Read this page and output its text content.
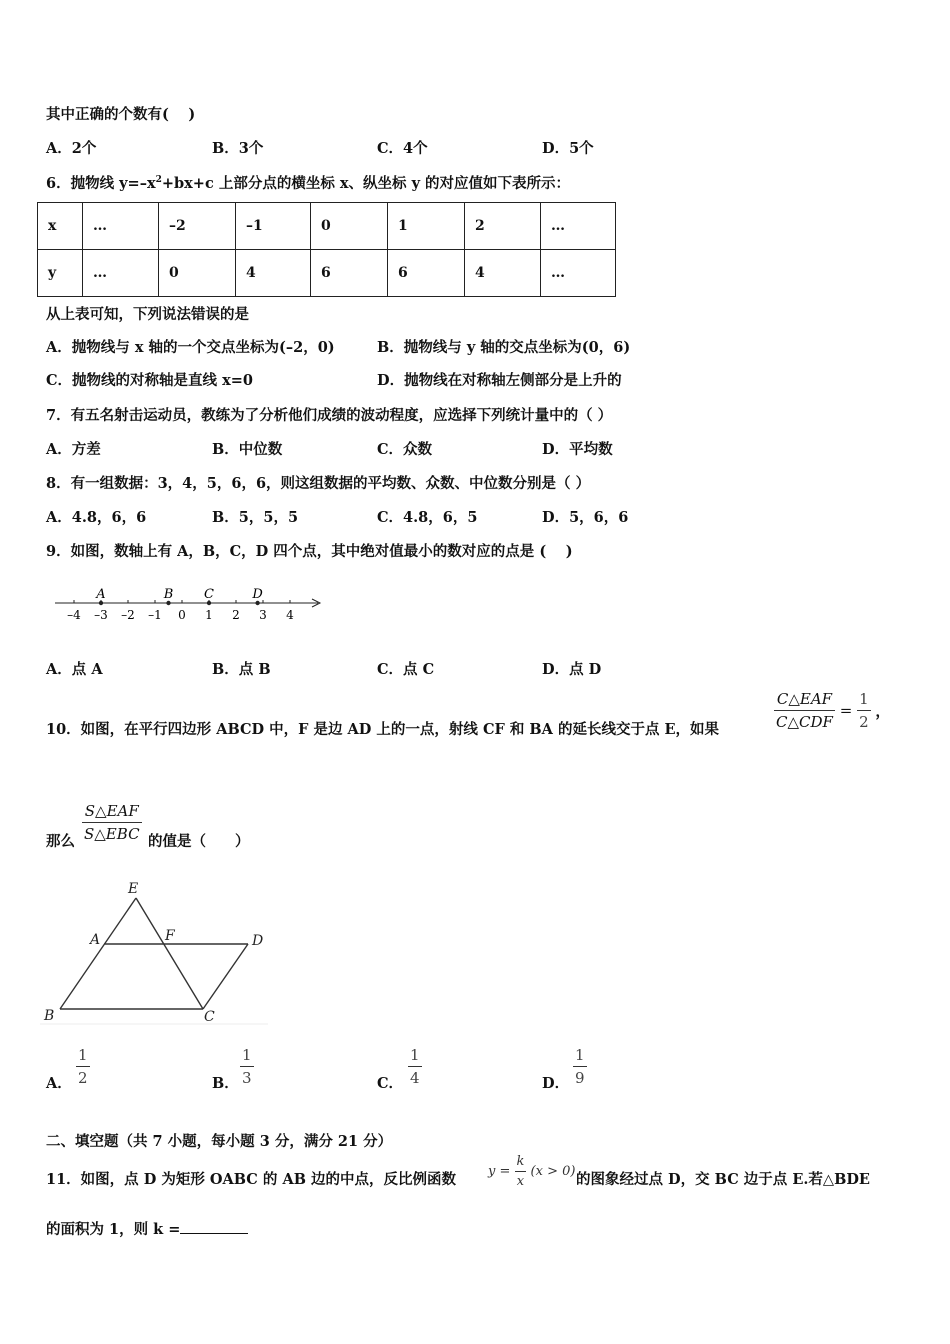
其中正确的个数有(　 )
A．2个	B．3个	C．4个	D．5个
6．抛物线 $y=-x^2+bx+c$ 上部分点的横坐标 x、纵坐标 y 的对应值如下表所示：
x	…	–2	–1	0	1	2	…
y	…	0	4	6	6	4	…
从上表可知，下列说法错误的是
A．抛物线与 x 轴的一个交点坐标为(–2，0)	B．抛物线与 y 轴的交点坐标为(0，6)
C．抛物线的对称轴是直线 x=0	D．抛物线在对称轴左侧部分是上升的
7．有五名射击运动员，教练为了分析他们成绩的波动程度，应选择下列统计量中的（ ）
A．方差	B．中位数	C．众数	D．平均数
8．有一组数据：3，4，5，6，6，则这组数据的平均数、众数、中位数分别是（ ）
A．4.8，6，6	B．5，5，5	C．4.8，6，5	D．5，6，6
9．如图，数轴上有 A，B，C，D 四个点，其中绝对值最小的数对应的点是 (　 )
–4 –3 –2 –1 0 1 2 3 4
A	B C	D
A．点 A	B．点 B	C．点 C	D．点 D
10．如图，在平行四边形 ABCD 中，F 是边 AD 上的一点，射线 CF 和 BA 的延长线交于点 E，如果	$\frac{\text{C△EAF}}{\text{C△CDF}} = \frac{1}{2}$ ，
那么 $\frac{\text{S△EAF}}{\text{S△EBC}}$ 的值是（　　）
E
A	F	D
B	C
A． $\frac{1}{2}$	B． $\frac{1}{3}$	C． $\frac{1}{4}$	D． $\frac{1}{9}$
二、填空题（共 7 小题，每小题 3 分，满分 21 分）
11．如图，点 D 为矩形 OABC 的 AB 边的中点，反比例函数 $y = \frac{k}{x} (x > 0)$ 的图象经过点 D，交 BC 边于点 E.若△BDE
的面积为 1，则 k =
